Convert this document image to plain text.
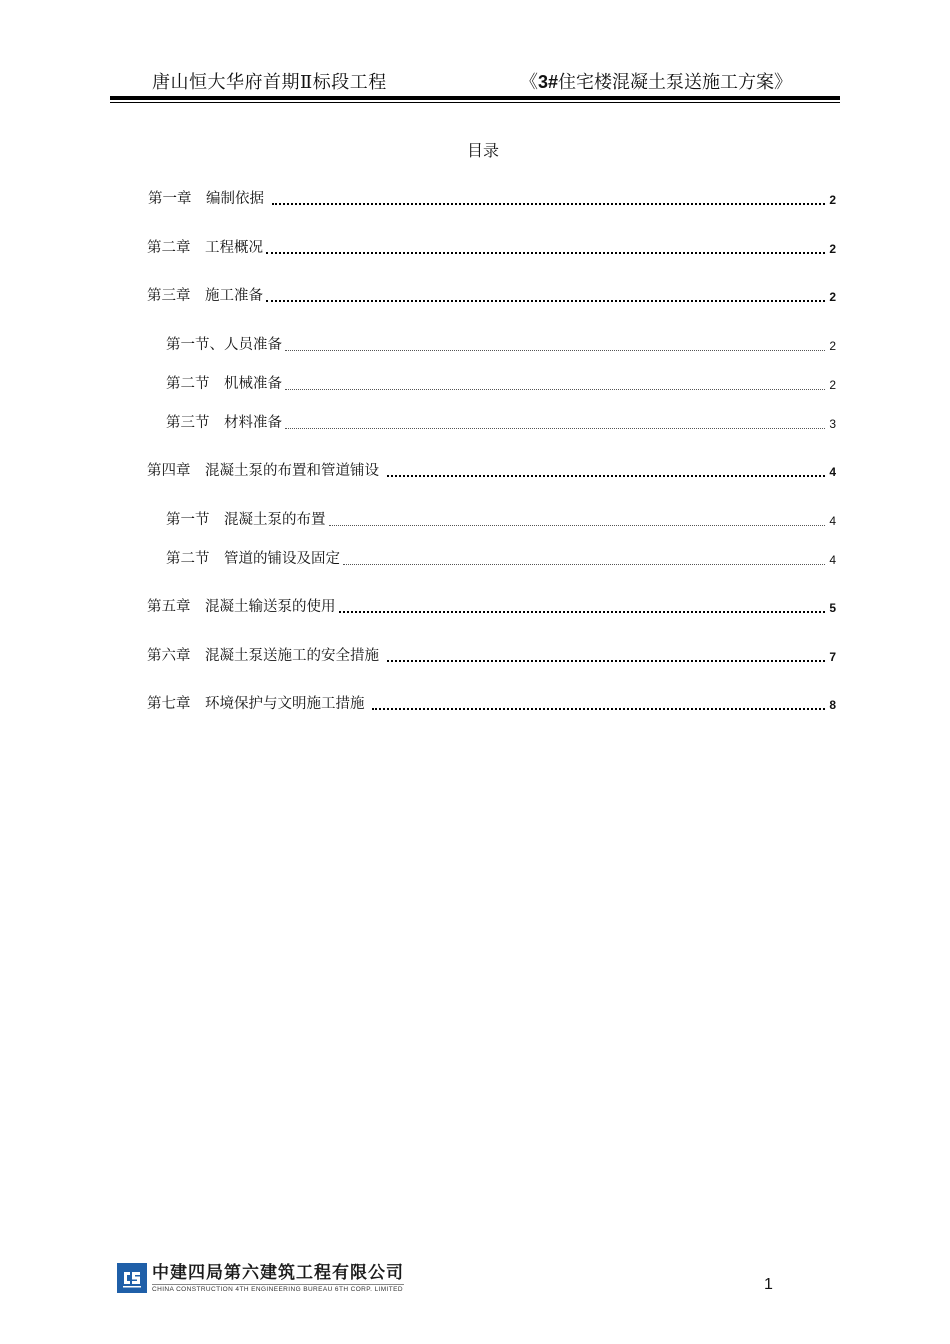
唐山恒大华府首期Ⅱ标段工程	《3#住宅楼混凝土泵送施工方案》
目录
第一章　编制依据	2
第二章　工程概况	2
第三章　施工准备	2
第一节、人员准备	2
第二节　机械准备	2
第三节　材料准备	3
第四章　混凝土泵的布置和管道铺设	4
第一节　混凝土泵的布置	4
第二节　管道的铺设及固定	4
第五章　混凝土输送泵的使用	5
第六章　混凝土泵送施工的安全措施	7
第七章　环境保护与文明施工措施	8
中建四局第六建筑工程有限公司
CHINA CONSTRUCTION 4TH ENGINEERING BUREAU 6TH CORP. LIMITED	1
